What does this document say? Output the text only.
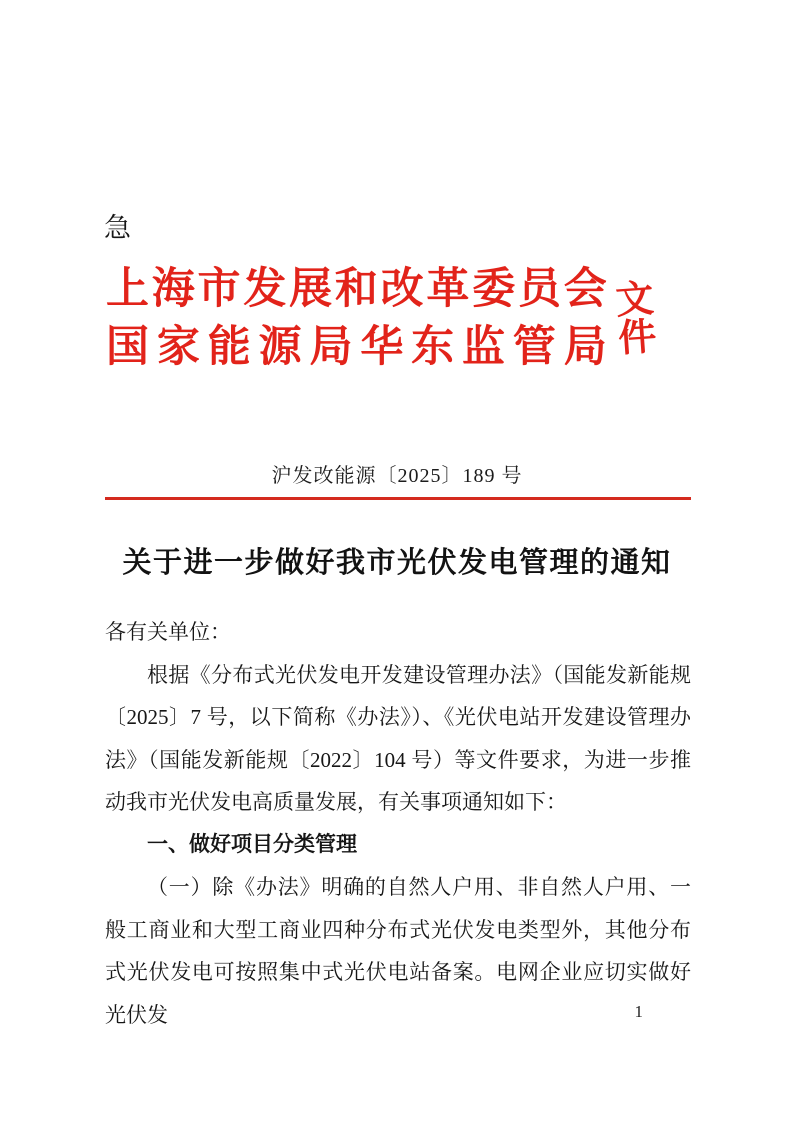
急
上海市发展和改革委员会
国家能源局华东监管局
文件
沪发改能源〔2025〕189 号
关于进一步做好我市光伏发电管理的通知

各有关单位：

根据《分布式光伏发电开发建设管理办法》（国能发新能规〔2025〕7 号，以下简称《办法》）、《光伏电站开发建设管理办法》（国能发新能规〔2022〕104 号）等文件要求，为进一步推动我市光伏发电高质量发展，有关事项通知如下：

一、做好项目分类管理

（一）除《办法》明确的自然人户用、非自然人户用、一般工商业和大型工商业四种分布式光伏发电类型外，其他分布式光伏发电可按照集中式光伏电站备案。电网企业应切实做好光伏发	1
